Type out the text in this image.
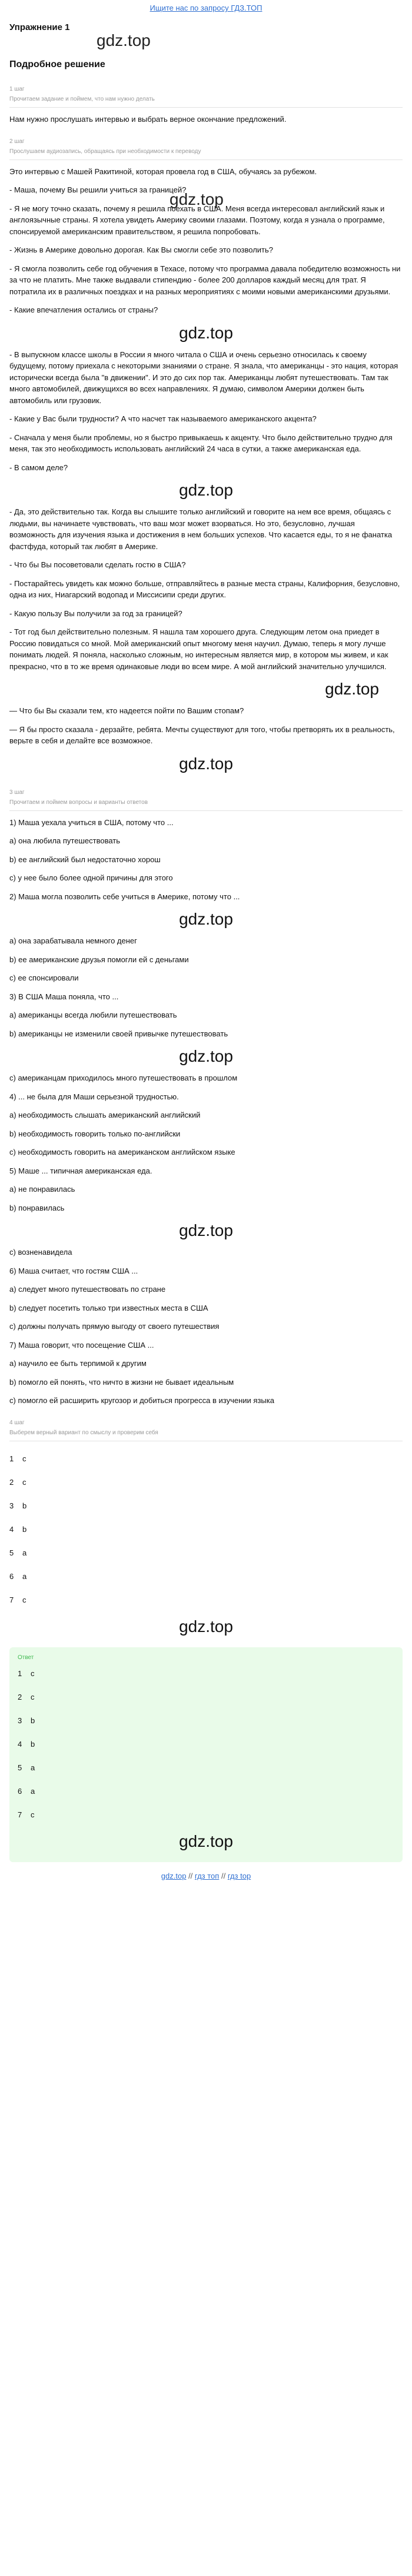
Ищите нас по запросу ГДЗ.ТОП
Упражнение 1
gdz.top
Подробное решение
1 шаг
Прочитаем задание и поймем, что нам нужно делать

Нам нужно прослушать интервью и выбрать верное окончание предложений.

gdz.top
2 шаг
Прослушаем аудиозапись, обращаясь при необходимости к переводу

Это интервью с Машей Ракитиной, которая провела год в США, обучаясь за рубежом.

- Маша, почему Вы решили учиться за границей?

- Я не могу точно сказать, почему я решила поехать в США. Меня всегда интересовал английский язык и англоязычные страны. Я хотела увидеть Америку своими глазами. Поэтому, когда я узнала о программе, спонсируемой американским правительством, я решила попробовать.

- Жизнь в Америке довольно дорогая. Как Вы смогли себе это позволить?

- Я смогла позволить себе год обучения в Техасе, потому что программа давала победителю возможность ни за что не платить. Мне также выдавали стипендию - более 200 долларов каждый месяц для трат. Я потратила их в различных поездках и на разных мероприятиях с моими новыми американскими друзьями.

- Какие впечатления остались от страны?

gdz.top

- В выпускном классе школы в России я много читала о США и очень серьезно относилась к своему будущему, потому приехала с некоторыми знаниями о стране. Я знала, что американцы - это нация, которая исторически всегда была "в движении". И это до сих пор так. Американцы любят путешествовать. Там так много автомобилей, движущихся во всех направлениях. Я думаю, символом Америки должен быть автомобиль или грузовик.

- Какие у Вас были трудности? А что насчет так называемого американского акцента?

- Сначала у меня были проблемы, но я быстро привыкаешь к акценту. Что было действительно трудно для меня, так это необходимость использовать английский 24 часа в сутки, а также американская еда.

- В самом деле?

gdz.top

- Да, это действительно так. Когда вы слышите только английский и говорите на нем все время, общаясь с людьми, вы начинаете чувствовать, что ваш мозг может взорваться. Но это, безусловно, лучшая возможность для изучения языка и достижения в нем больших успехов. Что касается еды, то я не фанатка фастфуда, который так любят в Америке.

- Что бы Вы посоветовали сделать гостю в США?

- Постарайтесь увидеть как можно больше, отправляйтесь в разные места страны, Калифорния, безусловно, одна из них, Ниагарский водопад и Миссисипи среди других.

- Какую пользу Вы получили за год за границей?

- Тот год был действительно полезным. Я нашла там хорошего друга. Следующим летом она приедет в Россию повидаться со мной. Мой американский опыт многому меня научил. Думаю, теперь я могу лучше понимать людей. Я поняла, насколько сложным, но интересным является мир, в котором мы живем, и как прекрасно, что в то же время одинаковые люди во всем мире. А мой английский значительно улучшился.

gdz.top

— Что бы Вы сказали тем, кто надеется пойти по Вашим стопам?

— Я бы просто сказала - дерзайте, ребята. Мечты существуют для того, чтобы претворять их в реальность, верьте в себя и делайте все возможное.

gdz.top
3 шаг
Прочитаем и поймем вопросы и варианты ответов

1) Маша уехала учиться в США, потому что ...

а) она любила путешествовать

b) ее английский был недостаточно хорош

c) у нее было более одной причины для этого

2) Маша могла позволить себе учиться в Америке, потому что ...

gdz.top

а) она зарабатывала немного денег

b) ее американские друзья помогли ей с деньгами

c) ее спонсировали

3) В США Маша поняла, что ...

a) американцы всегда любили путешествовать

b) американцы не изменили своей привычке путешествовать

gdz.top

c) американцам приходилось много путешествовать в прошлом

4) ... не была для Маши серьезной трудностью.

a) необходимость слышать американский английский

b) необходимость говорить только по-английски

c) необходимость говорить на американском английском языке

5) Маше ... типичная американская еда.

a) не понравилась

b) понравилась

gdz.top

c) возненавидела

6) Маша считает, что гостям США ...

a) следует много путешествовать по стране

b) следует посетить только три известных места в США

c) должны получать прямую выгоду от своего путешествия

7) Маша говорит, что посещение США ...

a) научило ее быть терпимой к другим

b) помогло ей понять, что ничто в жизни не бывает идеальным

c) помогло ей расширить кругозор и добиться прогресса в изучении языка

4 шаг
Выберем верный вариант по смыслу и проверим себя
1	c
2	c
3	b
4	b
5	a
6	a
7	c
gdz.top
Ответ
1	c
2	c
3	b
4	b
5	a
6	a
7	c
gdz.top
gdz.top // гдз топ // гдз top
